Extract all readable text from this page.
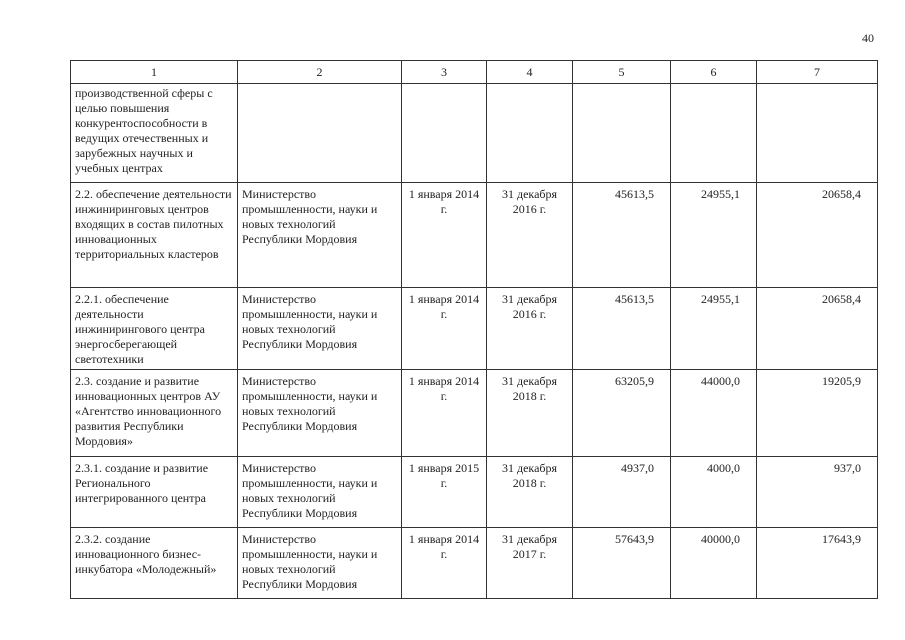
40
1	2	3	4	5	6	7
производственной сферы с целью повышения конкурентоспособности в ведущих отечественных и зарубежных научных и учебных центрах						
2.2. обеспечение деятельности инжиниринговых центров входящих в состав пилотных инновационных территориальных кластеров	Министерство промышленности, науки и новых технологий Республики Мордовия	1 января 2014 г.	31 декабря 2016 г.	45613,5	24955,1	20658,4
2.2.1. обеспечение деятельности инжинирингового центра энергосберегающей светотехники	Министерство промышленности, науки и новых технологий Республики Мордовия	1 января 2014 г.	31 декабря 2016 г.	45613,5	24955,1	20658,4
2.3. создание и развитие инновационных центров АУ «Агентство инновационного развития Республики Мордовия»	Министерство промышленности, науки и новых технологий Республики Мордовия	1 января 2014 г.	31 декабря 2018 г.	63205,9	44000,0	19205,9
2.3.1. создание и развитие Регионального интегрированного центра	Министерство промышленности, науки и новых технологий Республики Мордовия	1 января 2015 г.	31 декабря 2018 г.	4937,0	4000,0	937,0
2.3.2. создание инновационного бизнес-инкубатора «Молодежный»	Министерство промышленности, науки и новых технологий Республики Мордовия	1 января 2014 г.	31 декабря 2017 г.	57643,9	40000,0	17643,9
